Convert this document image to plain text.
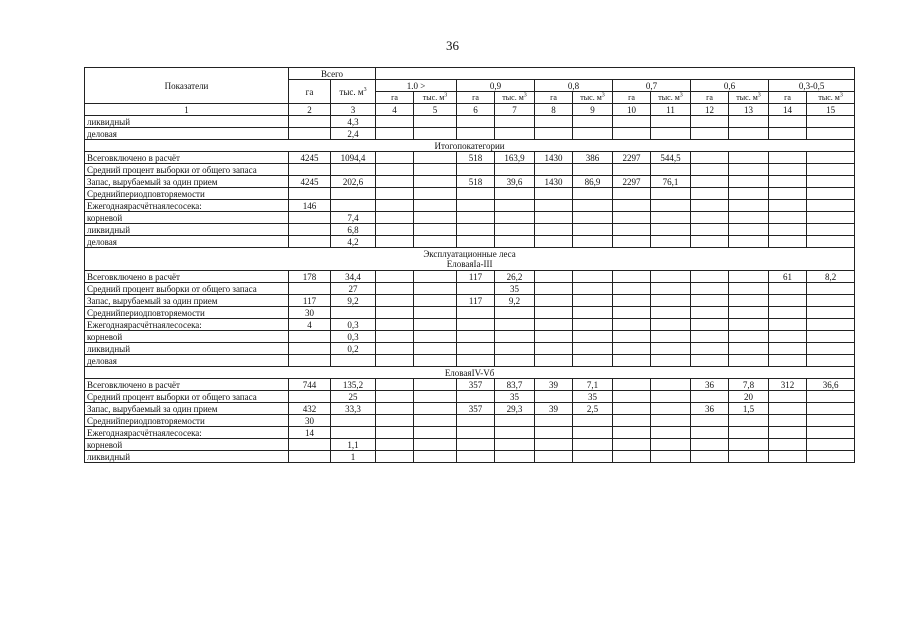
36
Показатели	Всего													
	га	тыс. $м^3$	1.0 >		0,9		0,8		0,7		0,6		0,3-0,5	
			га	тыс. $м^3$	га	тыс. $м^3$	га	тыс. $м^3$	га	тыс. $м^3$	га	тыс. $м^3$	га	тыс. $м^3$
1	2	3	4	5	6	7	8	9	10	11	12	13	14	15
ликвидный		4,3												
деловая		2,4												
Итогопокатегории														
Всеговключено в расчёт	4245	1094,4			518	163,9	1430	386	2297	544,5				
Средний процент выборки от общего запаса														
Запас, вырубаемый за один прием	4245	202,6			518	39,6	1430	86,9	2297	76,1				
Среднийпериодповторяемости														
Ежегоднаярасчётнаялесосека:	146													
корневой		7,4												
ликвидный		6,8												
деловая		4,2												

Эксплуатационные леса
ЕловаяIa-III														

Всеговключено в расчёт	178	34,4			117	26,2							61	8,2
Средний процент выборки от общего запаса		27				35								
Запас, вырубаемый за один прием	117	9,2			117	9,2								
Среднийпериодповторяемости	30													
Ежегоднаярасчётнаялесосека:	4	0,3												
корневой		0,3												
ликвидный		0,2												
деловая														
ЕловаяIV-Vб														
Всеговключено в расчёт	744	135,2			357	83,7	39	7,1			36	7,8	312	36,6
Средний процент выборки от общего запаса		25				35		35				20		
Запас, вырубаемый за один прием	432	33,3			357	29,3	39	2,5			36	1,5		
Среднийпериодповторяемости	30													
Ежегоднаярасчётнаялесосека:	14													
корневой		1,1												
ликвидный		1												
